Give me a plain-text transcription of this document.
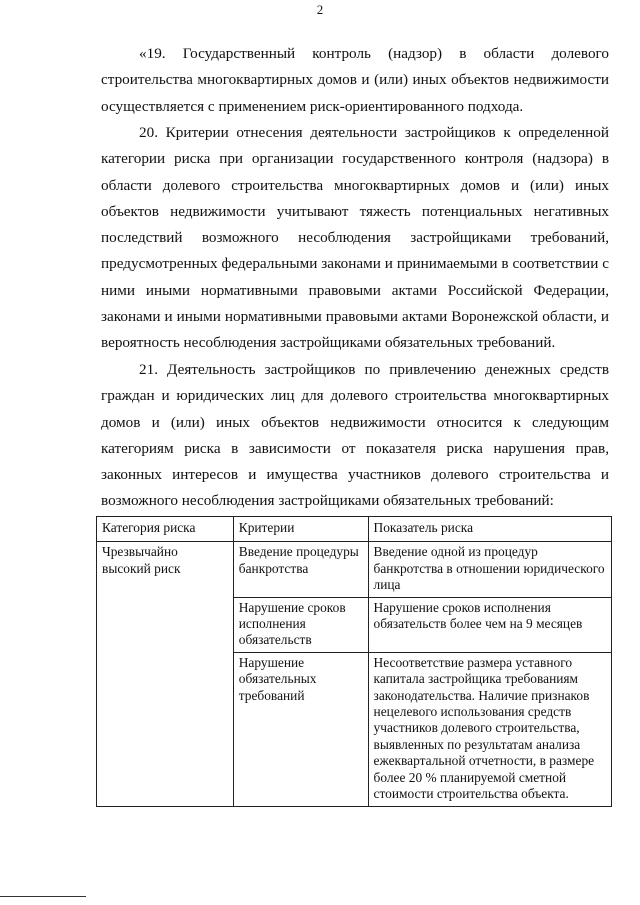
2

«19. Государственный контроль (надзор) в области долевого строительства многоквартирных домов и (или) иных объектов недвижимости осуществляется с применением риск-ориентированного подхода.

20. Критерии отнесения деятельности застройщиков к определенной категории риска при организации государственного контроля (надзора) в области долевого строительства многоквартирных домов и (или) иных объектов недвижимости учитывают тяжесть потенциальных негативных последствий возможного несоблюдения застройщиками требований, предусмотренных федеральными законами и принимаемыми в соответствии с ними иными нормативными правовыми актами Российской Федерации, законами и иными нормативными правовыми актами Воронежской области, и вероятность несоблюдения застройщиками обязательных требований.

21. Деятельность застройщиков по привлечению денежных средств граждан и юридических лиц для долевого строительства многоквартирных домов и (или) иных объектов недвижимости относится к следующим категориям риска в зависимости от показателя риска нарушения прав, законных интересов и имущества участников долевого строительства и возможного несоблюдения застройщиками обязательных требований:

Категория риска	Критерии	Показатель риска
Чрезвычайно высокий риск	Введение процедуры банкротства	Введение одной из процедур банкротства в отношении юридического лица
	Нарушение сроков исполнения обязательств	Нарушение сроков исполнения обязательств более чем на 9 месяцев
	Нарушение обязательных требований	Несоответствие размера уставного капитала застройщика требованиям законодательства. Наличие признаков нецелевого использования средств участников долевого строительства, выявленных по результатам анализа ежеквартальной отчетности, в размере более 20 % планируемой сметной стоимости строительства объекта.
